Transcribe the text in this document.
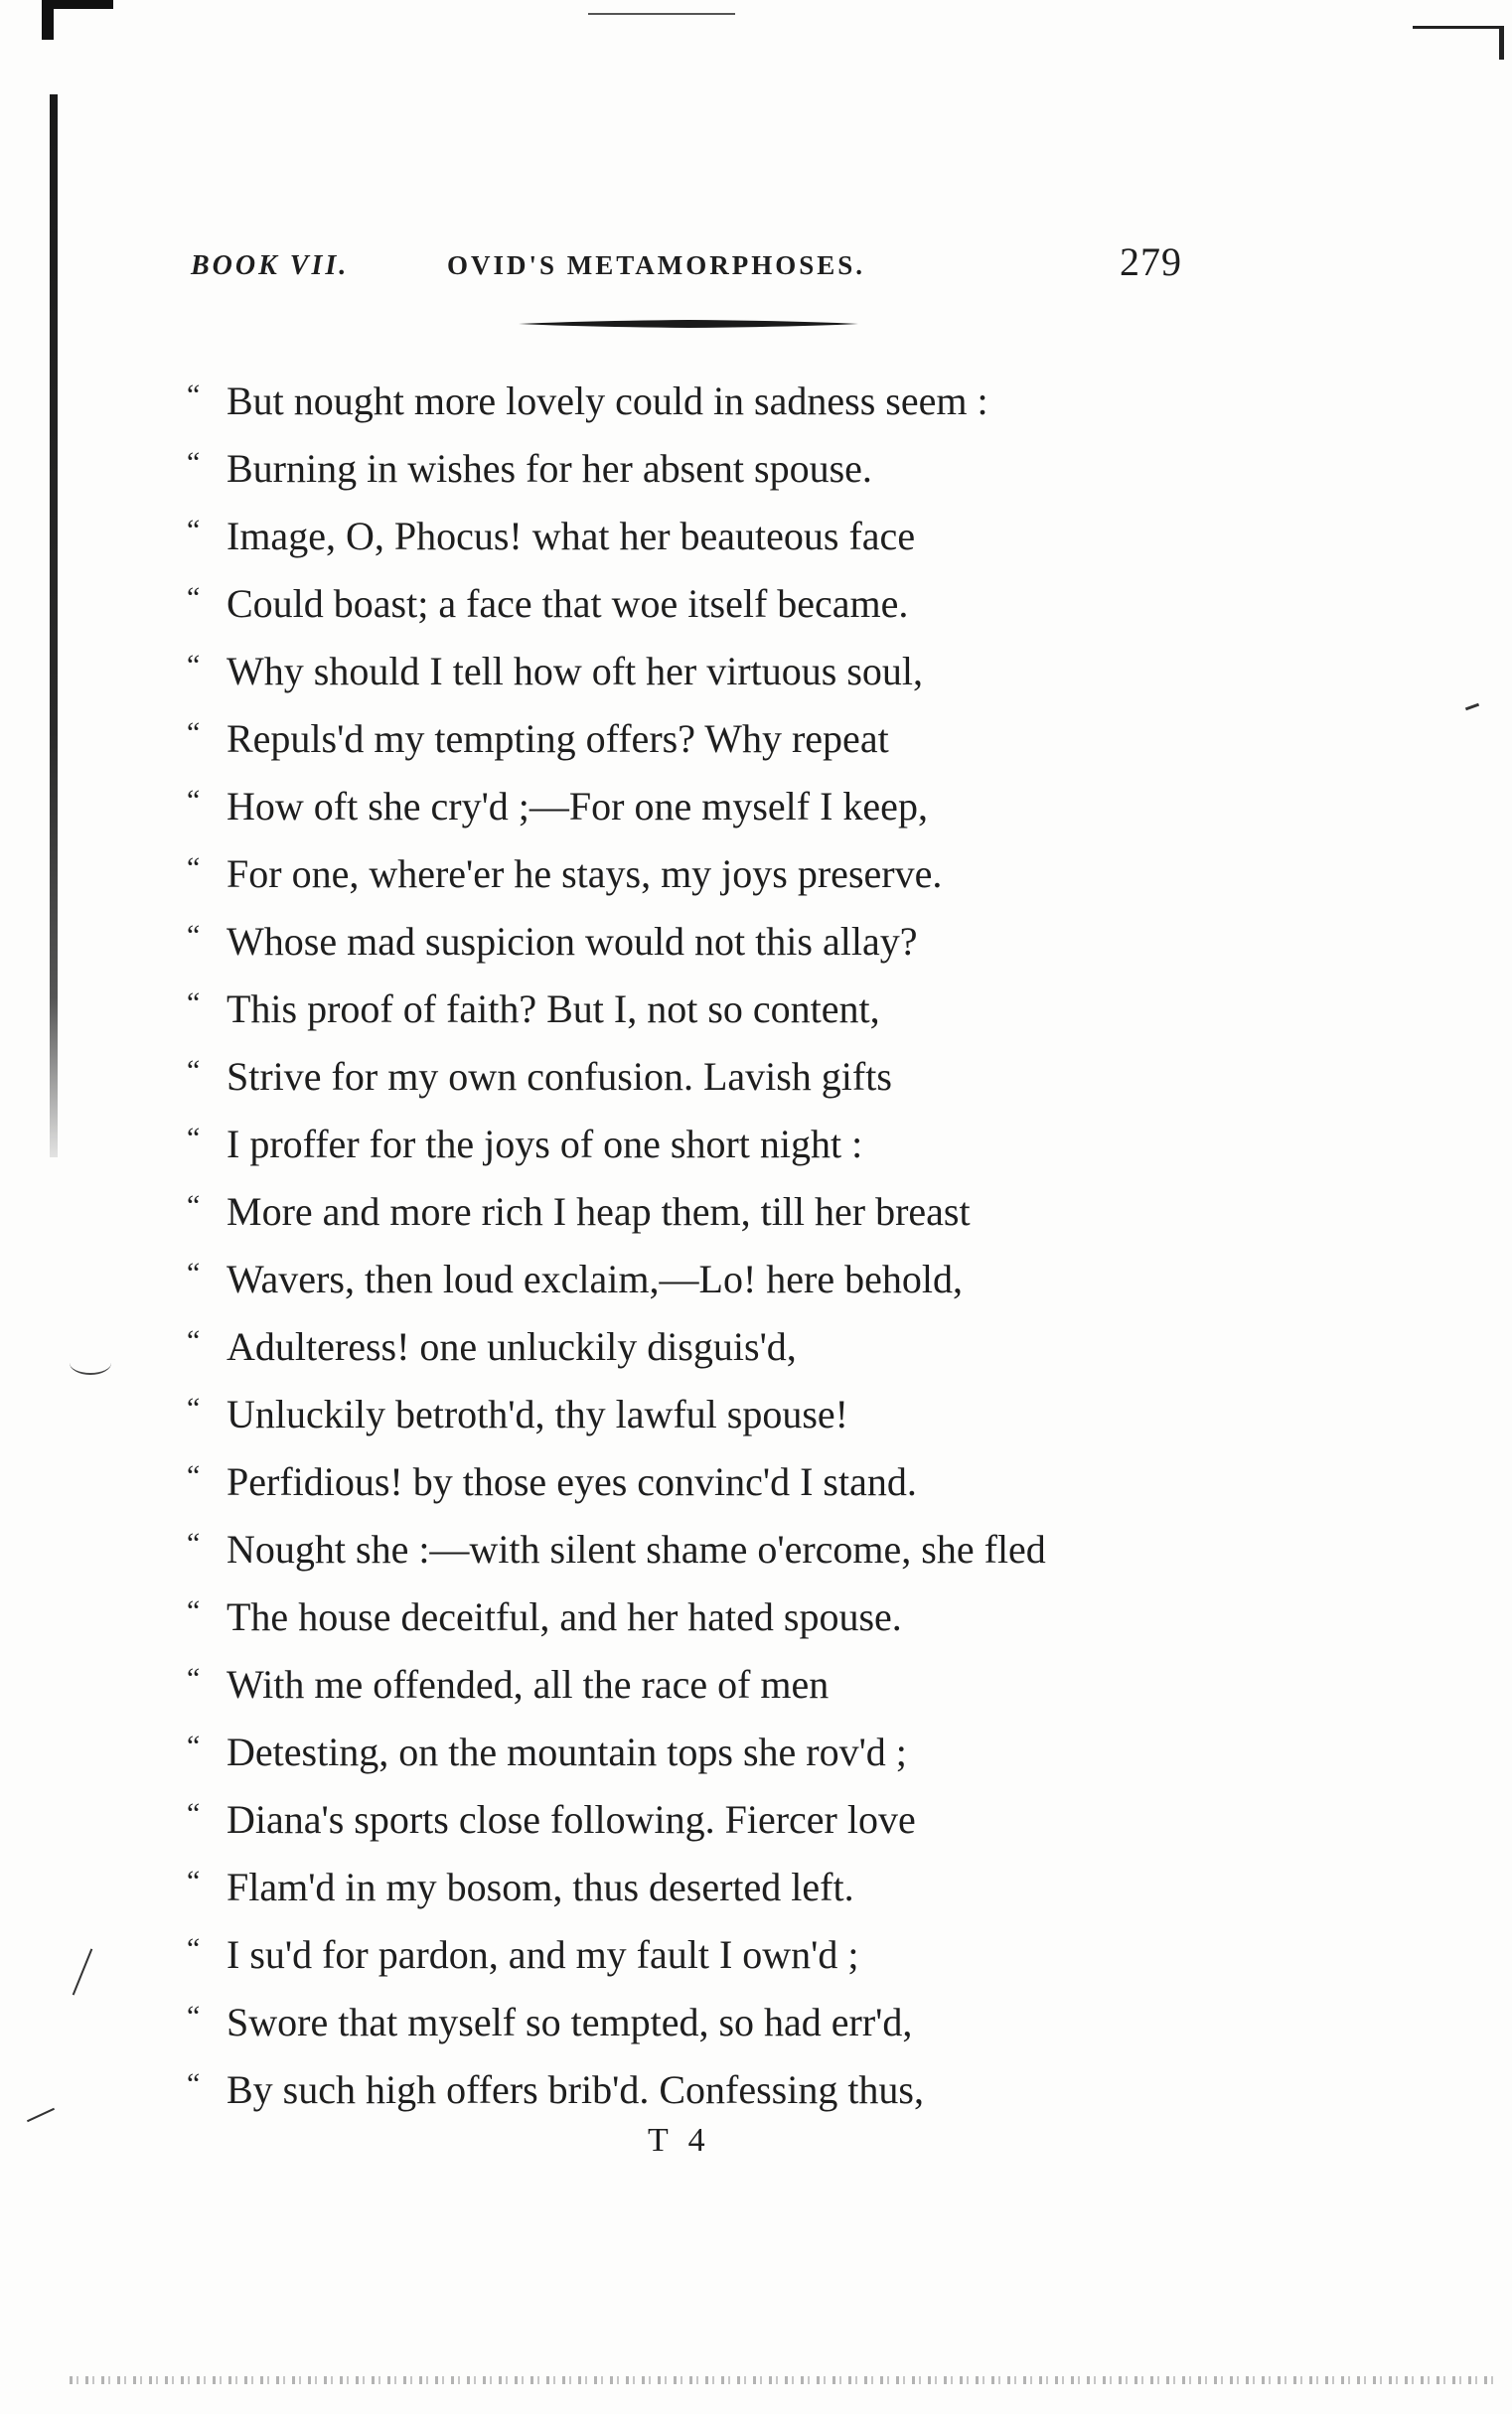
BOOK VII.	OVID'S METAMORPHOSES.	279
“ But nought more lovely could in sadness seem :
“ Burning in wishes for her absent spouse.
“ Image, O, Phocus! what her beauteous face
“ Could boast; a face that woe itself became.
“ Why should I tell how oft her virtuous soul,
“ Repuls'd my tempting offers? Why repeat
“ How oft she cry'd ;—For one myself I keep,
“ For one, where'er he stays, my joys preserve.
“ Whose mad suspicion would not this allay?
“ This proof of faith? But I, not so content,
“ Strive for my own confusion. Lavish gifts
“ I proffer for the joys of one short night :
“ More and more rich I heap them, till her breast
“ Wavers, then loud exclaim,—Lo! here behold,
“ Adulteress! one unluckily disguis'd,
“ Unluckily betroth'd, thy lawful spouse!
“ Perfidious! by those eyes convinc'd I stand.
“ Nought she :—with silent shame o'ercome, she fled
“ The house deceitful, and her hated spouse.
“ With me offended, all the race of men
“ Detesting, on the mountain tops she rov'd ;
“ Diana's sports close following. Fiercer love
“ Flam'd in my bosom, thus deserted left.
“ I su'd for pardon, and my fault I own'd ;
“ Swore that myself so tempted, so had err'd,
“ By such high offers brib'd. Confessing thus,
T 4
